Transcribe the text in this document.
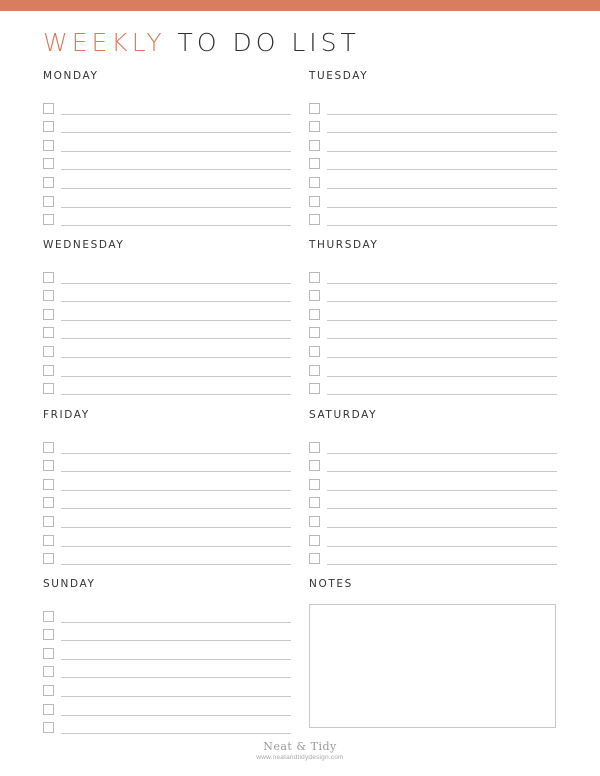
WEEKLY TO DO LIST
MONDAY	TUESDAY
WEDNESDAY	THURSDAY
FRIDAY	SATURDAY
SUNDAY	NOTES
Neat & Tidy
www.neatandtidydesign.com
